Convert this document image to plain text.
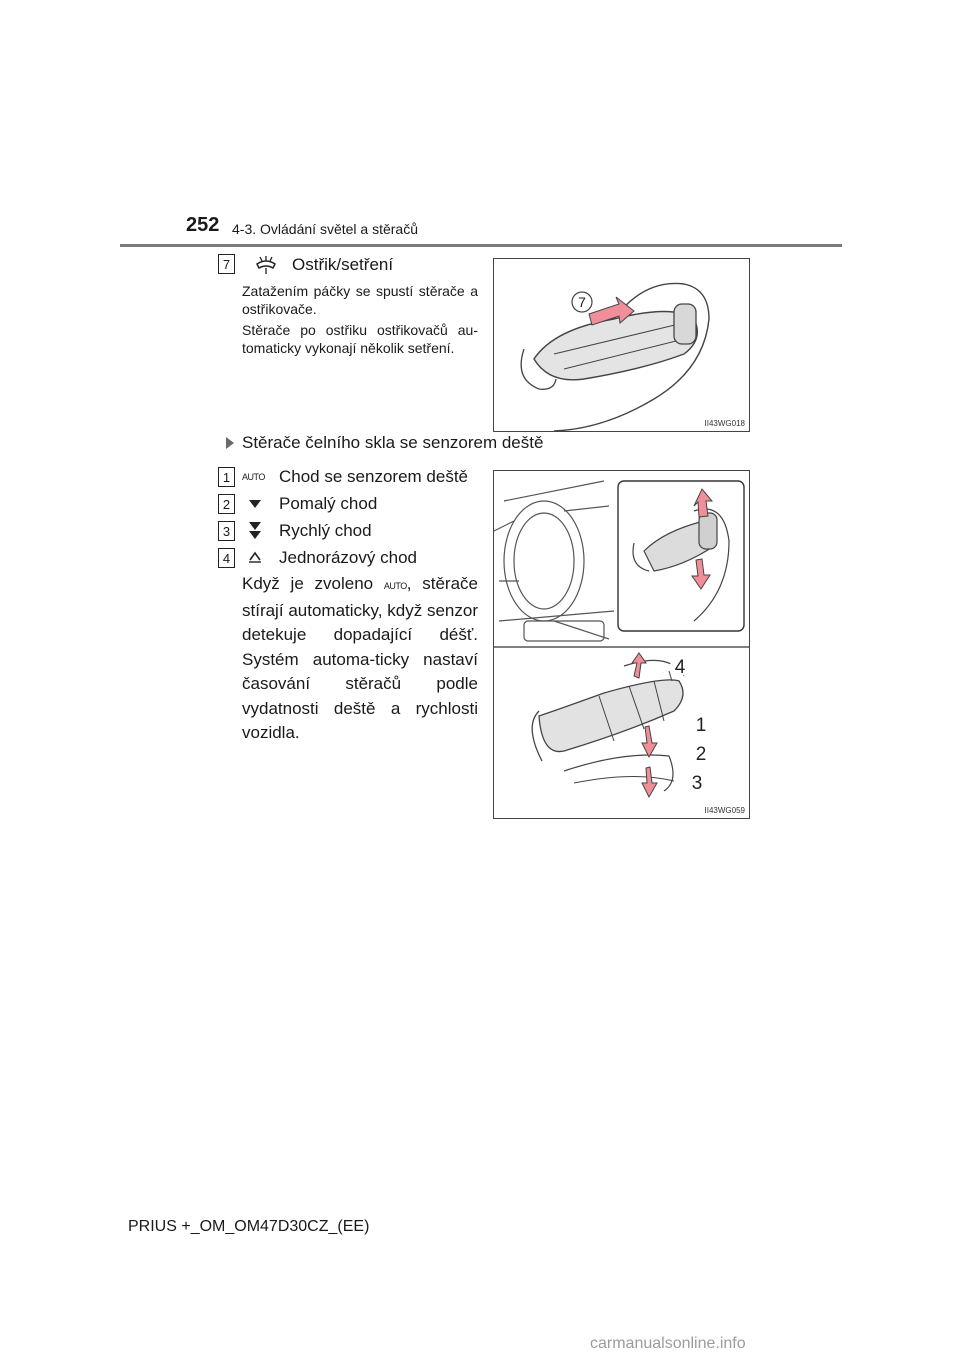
252 4-3. Ovládání světel a stěračů
7	Ostřik/setření
Zatažením páčky se spustí stěrače a ostřikovače.
Stěrače po ostřiku ostřikovačů au-tomaticky vykonají několik setření.
7
II43WG018
Stěrače čelního skla se senzorem deště
1	AUTO Chod se senzorem deště
2	Pomalý chod
3	Rychlý chod
4	Jednorázový chod

Když je zvoleno AUTO, stěrače stírají automaticky, když senzor detekuje dopadající déšť. Systém automa-ticky nastaví časování stěračů podle vydatnosti deště a rychlosti vozidla.

4
1
2
3
II43WG059
PRIUS +_OM_OM47D30CZ_(EE)
carmanualsonline.info
